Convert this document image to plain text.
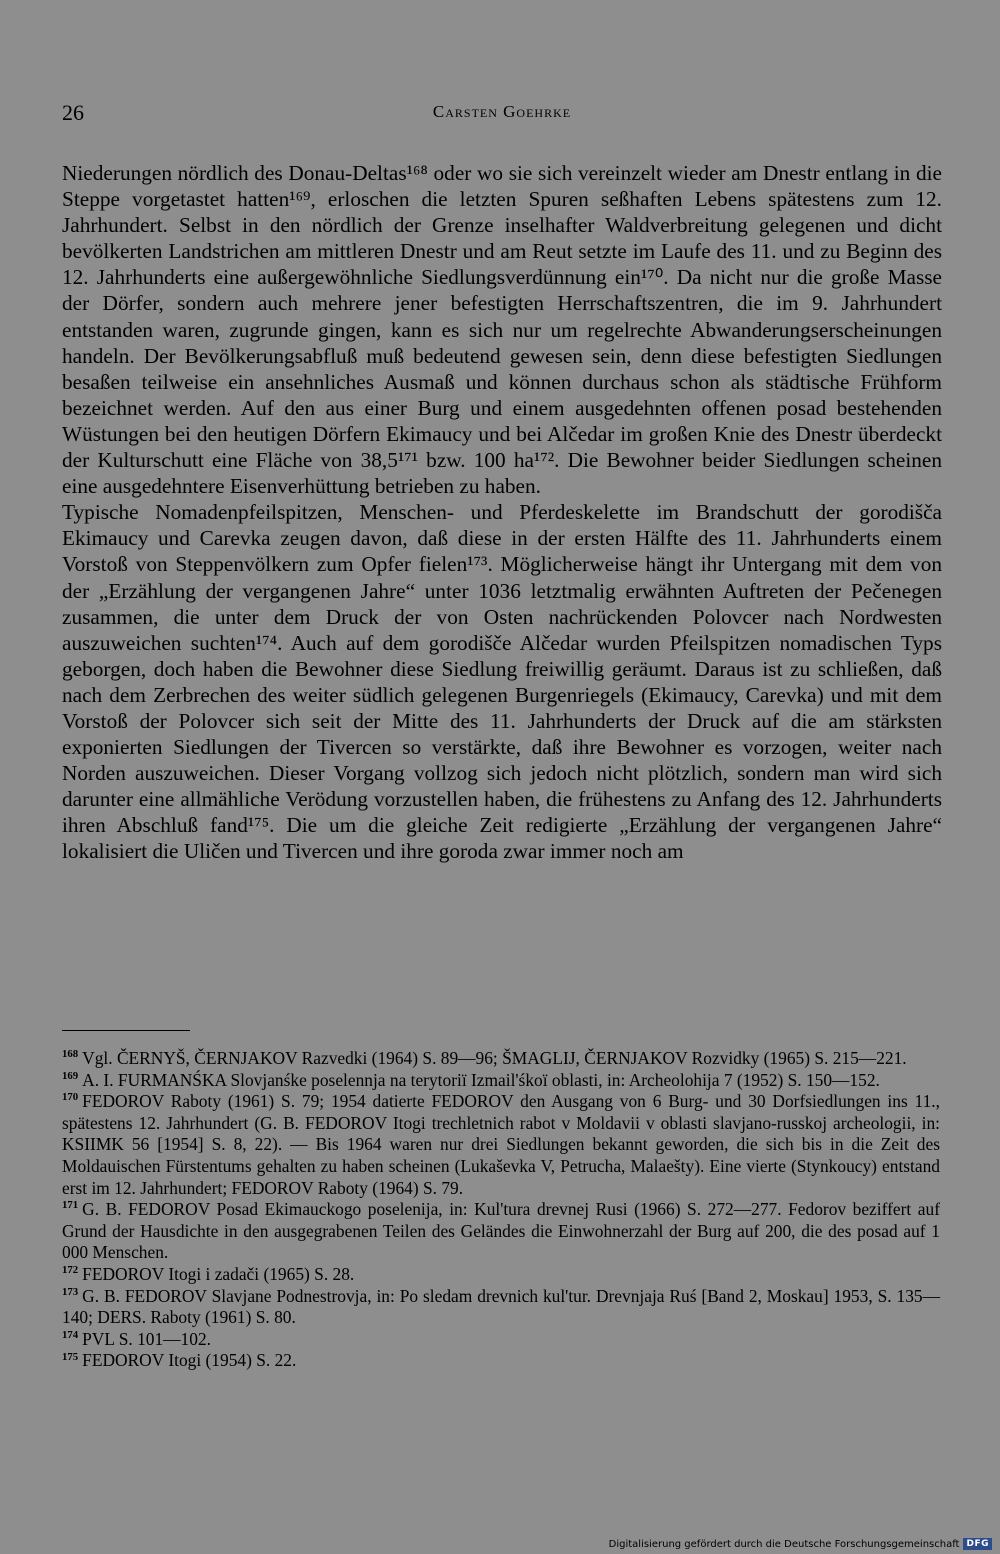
26	Carsten Goehrke

Niederungen nördlich des Donau-Deltas¹⁶⁸ oder wo sie sich vereinzelt wieder am Dnestr entlang in die Steppe vorgetastet hatten¹⁶⁹, erloschen die letzten Spuren seßhaften Lebens spätestens zum 12. Jahrhundert. Selbst in den nördlich der Grenze inselhafter Waldverbreitung gelegenen und dicht bevölkerten Landstrichen am mittleren Dnestr und am Reut setzte im Laufe des 11. und zu Beginn des 12. Jahrhunderts eine außergewöhnliche Siedlungsverdünnung ein¹⁷⁰. Da nicht nur die große Masse der Dörfer, sondern auch mehrere jener befestigten Herrschaftszentren, die im 9. Jahrhundert entstanden waren, zugrunde gingen, kann es sich nur um regelrechte Abwanderungserscheinungen handeln. Der Bevölkerungsabfluß muß bedeutend gewesen sein, denn diese befestigten Siedlungen besaßen teilweise ein ansehnliches Ausmaß und können durchaus schon als städtische Frühform bezeichnet werden. Auf den aus einer Burg und einem ausgedehnten offenen posad bestehenden Wüstungen bei den heutigen Dörfern Ekimaucy und bei Alčedar im großen Knie des Dnestr überdeckt der Kulturschutt eine Fläche von 38,5¹⁷¹ bzw. 100 ha¹⁷². Die Bewohner beider Siedlungen scheinen eine ausgedehntere Eisenverhüttung betrieben zu haben.

Typische Nomadenpfeilspitzen, Menschen- und Pferdeskelette im Brandschutt der gorodišča Ekimaucy und Carevka zeugen davon, daß diese in der ersten Hälfte des 11. Jahrhunderts einem Vorstoß von Steppenvölkern zum Opfer fielen¹⁷³. Möglicherweise hängt ihr Untergang mit dem von der „Erzählung der vergangenen Jahre“ unter 1036 letztmalig erwähnten Auftreten der Pečenegen zusammen, die unter dem Druck der von Osten nachrückenden Polovcer nach Nordwesten auszuweichen suchten¹⁷⁴. Auch auf dem gorodišče Alčedar wurden Pfeilspitzen nomadischen Typs geborgen, doch haben die Bewohner diese Siedlung freiwillig geräumt. Daraus ist zu schließen, daß nach dem Zerbrechen des weiter südlich gelegenen Burgenriegels (Ekimaucy, Carevka) und mit dem Vorstoß der Polovcer sich seit der Mitte des 11. Jahrhunderts der Druck auf die am stärksten exponierten Siedlungen der Tivercen so verstärkte, daß ihre Bewohner es vorzogen, weiter nach Norden auszuweichen. Dieser Vorgang vollzog sich jedoch nicht plötzlich, sondern man wird sich darunter eine allmähliche Verödung vorzustellen haben, die frühestens zu Anfang des 12. Jahrhunderts ihren Abschluß fand¹⁷⁵. Die um die gleiche Zeit redigierte „Erzählung der vergangenen Jahre“ lokalisiert die Uličen und Tivercen und ihre goroda zwar immer noch am

$^{168}$ Vgl. ČERNYŠ, ČERNJAKOV Razvedki (1964) S. 89—96; ŠMAGLIJ, ČERNJAKOV Rozvidky (1965) S. 215—221.

$^{169}$ A. I. FURMANŚKA Slovjanśke poselennja na terytoriï Izmail'śkoï oblasti, in: Archeolohija 7 (1952) S. 150—152.

$^{170}$ FEDOROV Raboty (1961) S. 79; 1954 datierte FEDOROV den Ausgang von 6 Burg- und 30 Dorfsiedlungen ins 11., spätestens 12. Jahrhundert (G. B. FEDOROV Itogi trechletnich rabot v Moldavii v oblasti slavjano-russkoj archeologii, in: KSIIMK 56 [1954] S. 8, 22). — Bis 1964 waren nur drei Siedlungen bekannt geworden, die sich bis in die Zeit des Moldauischen Fürstentums gehalten zu haben scheinen (Lukaševka V, Petrucha, Malaešty). Eine vierte (Stynkoucy) entstand erst im 12. Jahrhundert; FEDOROV Raboty (1964) S. 79.

$^{171}$ G. B. FEDOROV Posad Ekimauckogo poselenija, in: Kul'tura drevnej Rusi (1966) S. 272—277. Fedorov beziffert auf Grund der Hausdichte in den ausgegrabenen Teilen des Geländes die Einwohnerzahl der Burg auf 200, die des posad auf 1 000 Menschen.

$^{172}$ FEDOROV Itogi i zadači (1965) S. 28.

$^{173}$ G. B. FEDOROV Slavjane Podnestrovja, in: Po sledam drevnich kul'tur. Drevnjaja Ruś [Band 2, Moskau] 1953, S. 135—140; DERS. Raboty (1961) S. 80.

$^{174}$ PVL S. 101—102.

$^{175}$ FEDOROV Itogi (1954) S. 22.

Digitalisierung gefördert durch die Deutsche Forschungsgemeinschaft DFG
